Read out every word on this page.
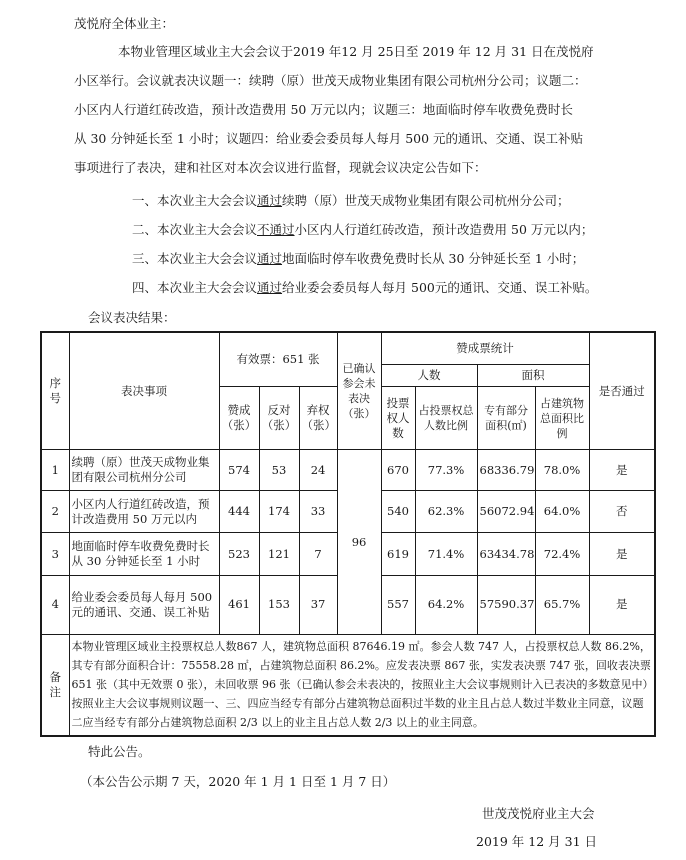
茂悦府全体业主：
本物业管理区域业主大会会议于2019 年12 月 25日至 2019 年 12 月 31 日在茂悦府
小区举行。会议就表决议题一：续聘（原）世茂天成物业集团有限公司杭州分公司；议题二：
小区内人行道红砖改造，预计改造费用 50 万元以内；议题三：地面临时停车收费免费时长
从 30 分钟延长至 1 小时；议题四：给业委会委员每人每月 500 元的通讯、交通、误工补贴
事项进行了表决，建和社区对本次会议进行监督，现就会议决定公告如下：
一、本次业主大会会议通过续聘（原）世茂天成物业集团有限公司杭州分公司；
二、本次业主大会会议不通过小区内人行道红砖改造，预计改造费用 50 万元以内；
三、本次业主大会会议通过地面临时停车收费免费时长从 30 分钟延长至 1 小时；
四、本次业主大会会议通过给业委会委员每人每月 500元的通讯、交通、误工补贴。
会议表决结果：
序号	表决事项	有效票：651 张			已确认参会未表决（张）	赞成票统计				是否通过
						人数		面积		
		赞成（张）	反对（张）	弃权（张）		投票权人数	占投票权总人数比例	专有部分面积(㎡)	占建筑物总面积比例	
1	续聘（原）世茂天成物业集团有限公司杭州分公司	574	53	24	96	670	77.3%	68336.79	78.0%	是
2	小区内人行道红砖改造，预计改造费用 50 万元以内	444	174	33		540	62.3%	56072.94	64.0%	否
3	地面临时停车收费免费时长从 30 分钟延长至 1 小时	523	121	7		619	71.4%	63434.78	72.4%	是
4	给业委会委员每人每月 500 元的通讯、交通、误工补贴	461	153	37		557	64.2%	57590.37	65.7%	是
备注	本物业管理区域业主投票权总人数867 人，建筑物总面积 87646.19 ㎡。参会人数 747 人，占投票权总人数 86.2%，其专有部分面积合计：75558.28 ㎡，占建筑物总面积 86.2%。应发表决票 867 张，实发表决票 747 张，回收表决票 651 张（其中无效票 0 张），未回收票 96 张（已确认参会未表决的，按照业主大会议事规则计入已表决的多数意见中）按照业主大会议事规则议题一、三、四应当经专有部分占建筑物总面积过半数的业主且占总人数过半数业主同意，议题二应当经专有部分占建筑物总面积 2/3 以上的业主且占总人数 2/3 以上的业主同意。									
特此公告。
（本公告公示期 7 天，2020 年 1 月 1 日至 1 月 7 日）
世茂茂悦府业主大会
2019 年 12 月 31 日
